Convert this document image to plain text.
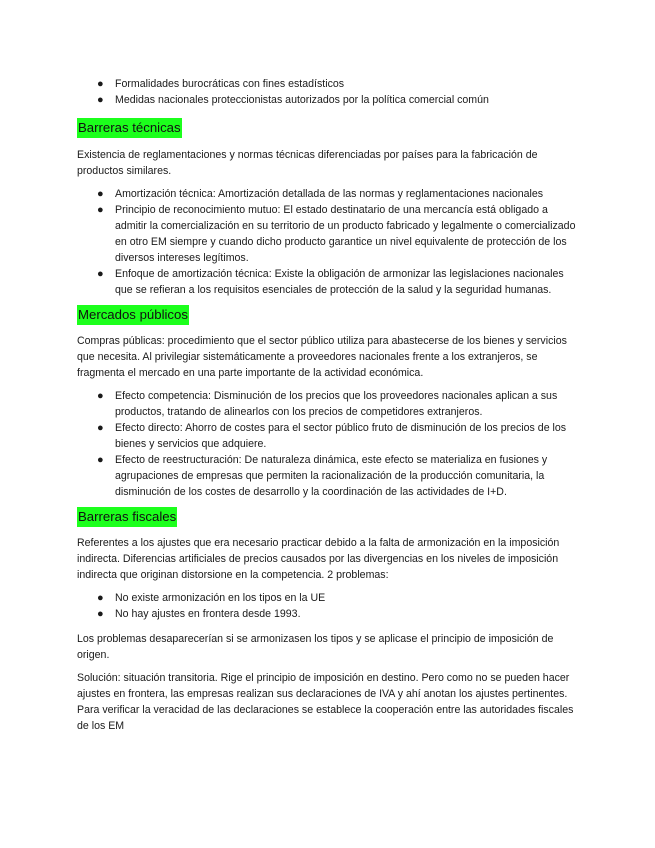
● Formalidades burocráticas con fines estadísticos
● Medidas nacionales proteccionistas autorizados por la política comercial común
Barreras técnicas
Existencia de reglamentaciones y normas técnicas diferenciadas por países para la fabricación de productos similares.
● Amortización técnica: Amortización detallada de las normas y reglamentaciones nacionales
● Principio de reconocimiento mutuo: El estado destinatario de una mercancía está obligado a admitir la comercialización en su territorio de un producto fabricado y legalmente o comercializado en otro EM siempre y cuando dicho producto garantice un nivel equivalente de protección de los diversos intereses legítimos.
● Enfoque de amortización técnica: Existe la obligación de armonizar las legislaciones nacionales que se refieran a los requisitos esenciales de protección de la salud y la seguridad humanas.
Mercados públicos
Compras públicas: procedimiento que el sector público utiliza para abastecerse de los bienes y servicios que necesita. Al privilegiar sistemáticamente a proveedores nacionales frente a los extranjeros, se fragmenta el mercado en una parte importante de la actividad económica.
● Efecto competencia: Disminución de los precios que los proveedores nacionales aplican a sus productos, tratando de alinearlos con los precios de competidores extranjeros.
● Efecto directo: Ahorro de costes para el sector público fruto de disminución de los precios de los bienes y servicios que adquiere.
● Efecto de reestructuración: De naturaleza dinámica, este efecto se materializa en fusiones y agrupaciones de empresas que permiten la racionalización de la producción comunitaria, la disminución de los costes de desarrollo y la coordinación de las actividades de I+D.
Barreras fiscales
Referentes a los ajustes que era necesario practicar debido a la falta de armonización en la imposición indirecta. Diferencias artificiales de precios causados por las divergencias en los niveles de imposición indirecta que originan distorsione en la competencia. 2 problemas:
● No existe armonización en los tipos en la UE
● No hay ajustes en frontera desde 1993.
Los problemas desaparecerían si se armonizasen los tipos y se aplicase el principio de imposición de origen.
Solución: situación transitoria. Rige el principio de imposición en destino. Pero como no se pueden hacer ajustes en frontera, las empresas realizan sus declaraciones de IVA y ahí anotan los ajustes pertinentes. Para verificar la veracidad de las declaraciones se establece la cooperación entre las autoridades fiscales de los EM
